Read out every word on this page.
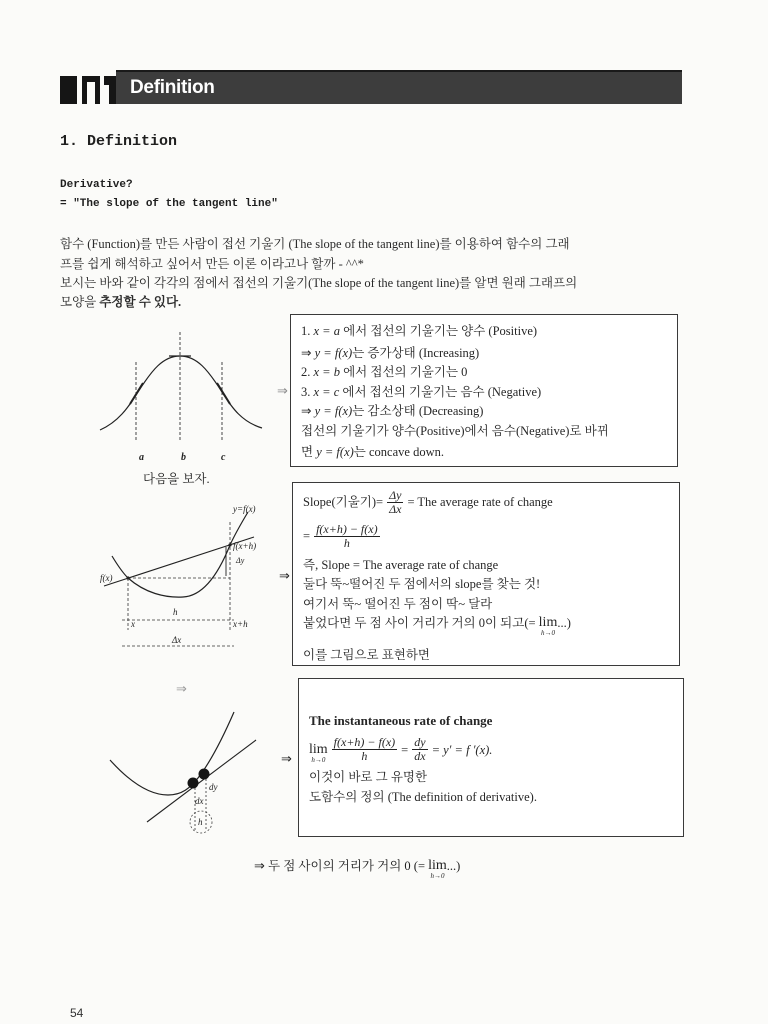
Definition
1. Definition
Derivative?
= "The slope of the tangent line"
함수 (Function)를 만든 사람이 접선 기울기 (The slope of the tangent line)를 이용하여 함수의 그래
프를 쉽게 해석하고 싶어서 만든 이론 이라고나 할까 - ^^*
보시는 바와 같이 각각의 점에서 접선의 기울기(The slope of the tangent line)를 알면 원래 그래프의
모양을 추정할 수 있다.
a	b	c
⇒
다음을 보자.
1. x = a 에서 접선의 기울기는 양수 (Positive)
⇒ y = f(x)는 증가상태 (Increasing)
2. x = b 에서 접선의 기울기는 0
3. x = c 에서 접선의 기울기는 음수 (Negative)
⇒ y = f(x)는 감소상태 (Decreasing)
접선의 기울기가 양수(Positive)에서 음수(Negative)로 바뀌
면 y = f(x)는 concave down.
y=f(x)
f(x+h)
Δy
f(x)
h
x	x+h
Δx
⇒
Slope(기울기)= $\frac{\Delta y}{\Delta x}$ = The average rate of change
= $\frac{f(x+h) - f(x)}{h}$
즉, Slope = The average rate of change
둘다 뚝~떨어진 두 점에서의 slope를 찾는 것!
여기서 뚝~ 떨어진 두 점이 딱~ 달라
붙었다면 두 점 사이 거리가 거의 0이 되고(= lim
h→0
...)
이를 그림으로 표현하면
⇒
dy
dx
h
⇒
The instantaneous rate of change
lim
$h\to 0 \frac{f(x+h) - f(x)}{h} = \frac{dy}{dx} = y' = f$ ′(x).
이것이 바로 그 유명한
도함수의 정의 (The definition of derivative).
⇒ 두 점 사이의 거리가 거의 0 (= lim
h→0
...)
54
